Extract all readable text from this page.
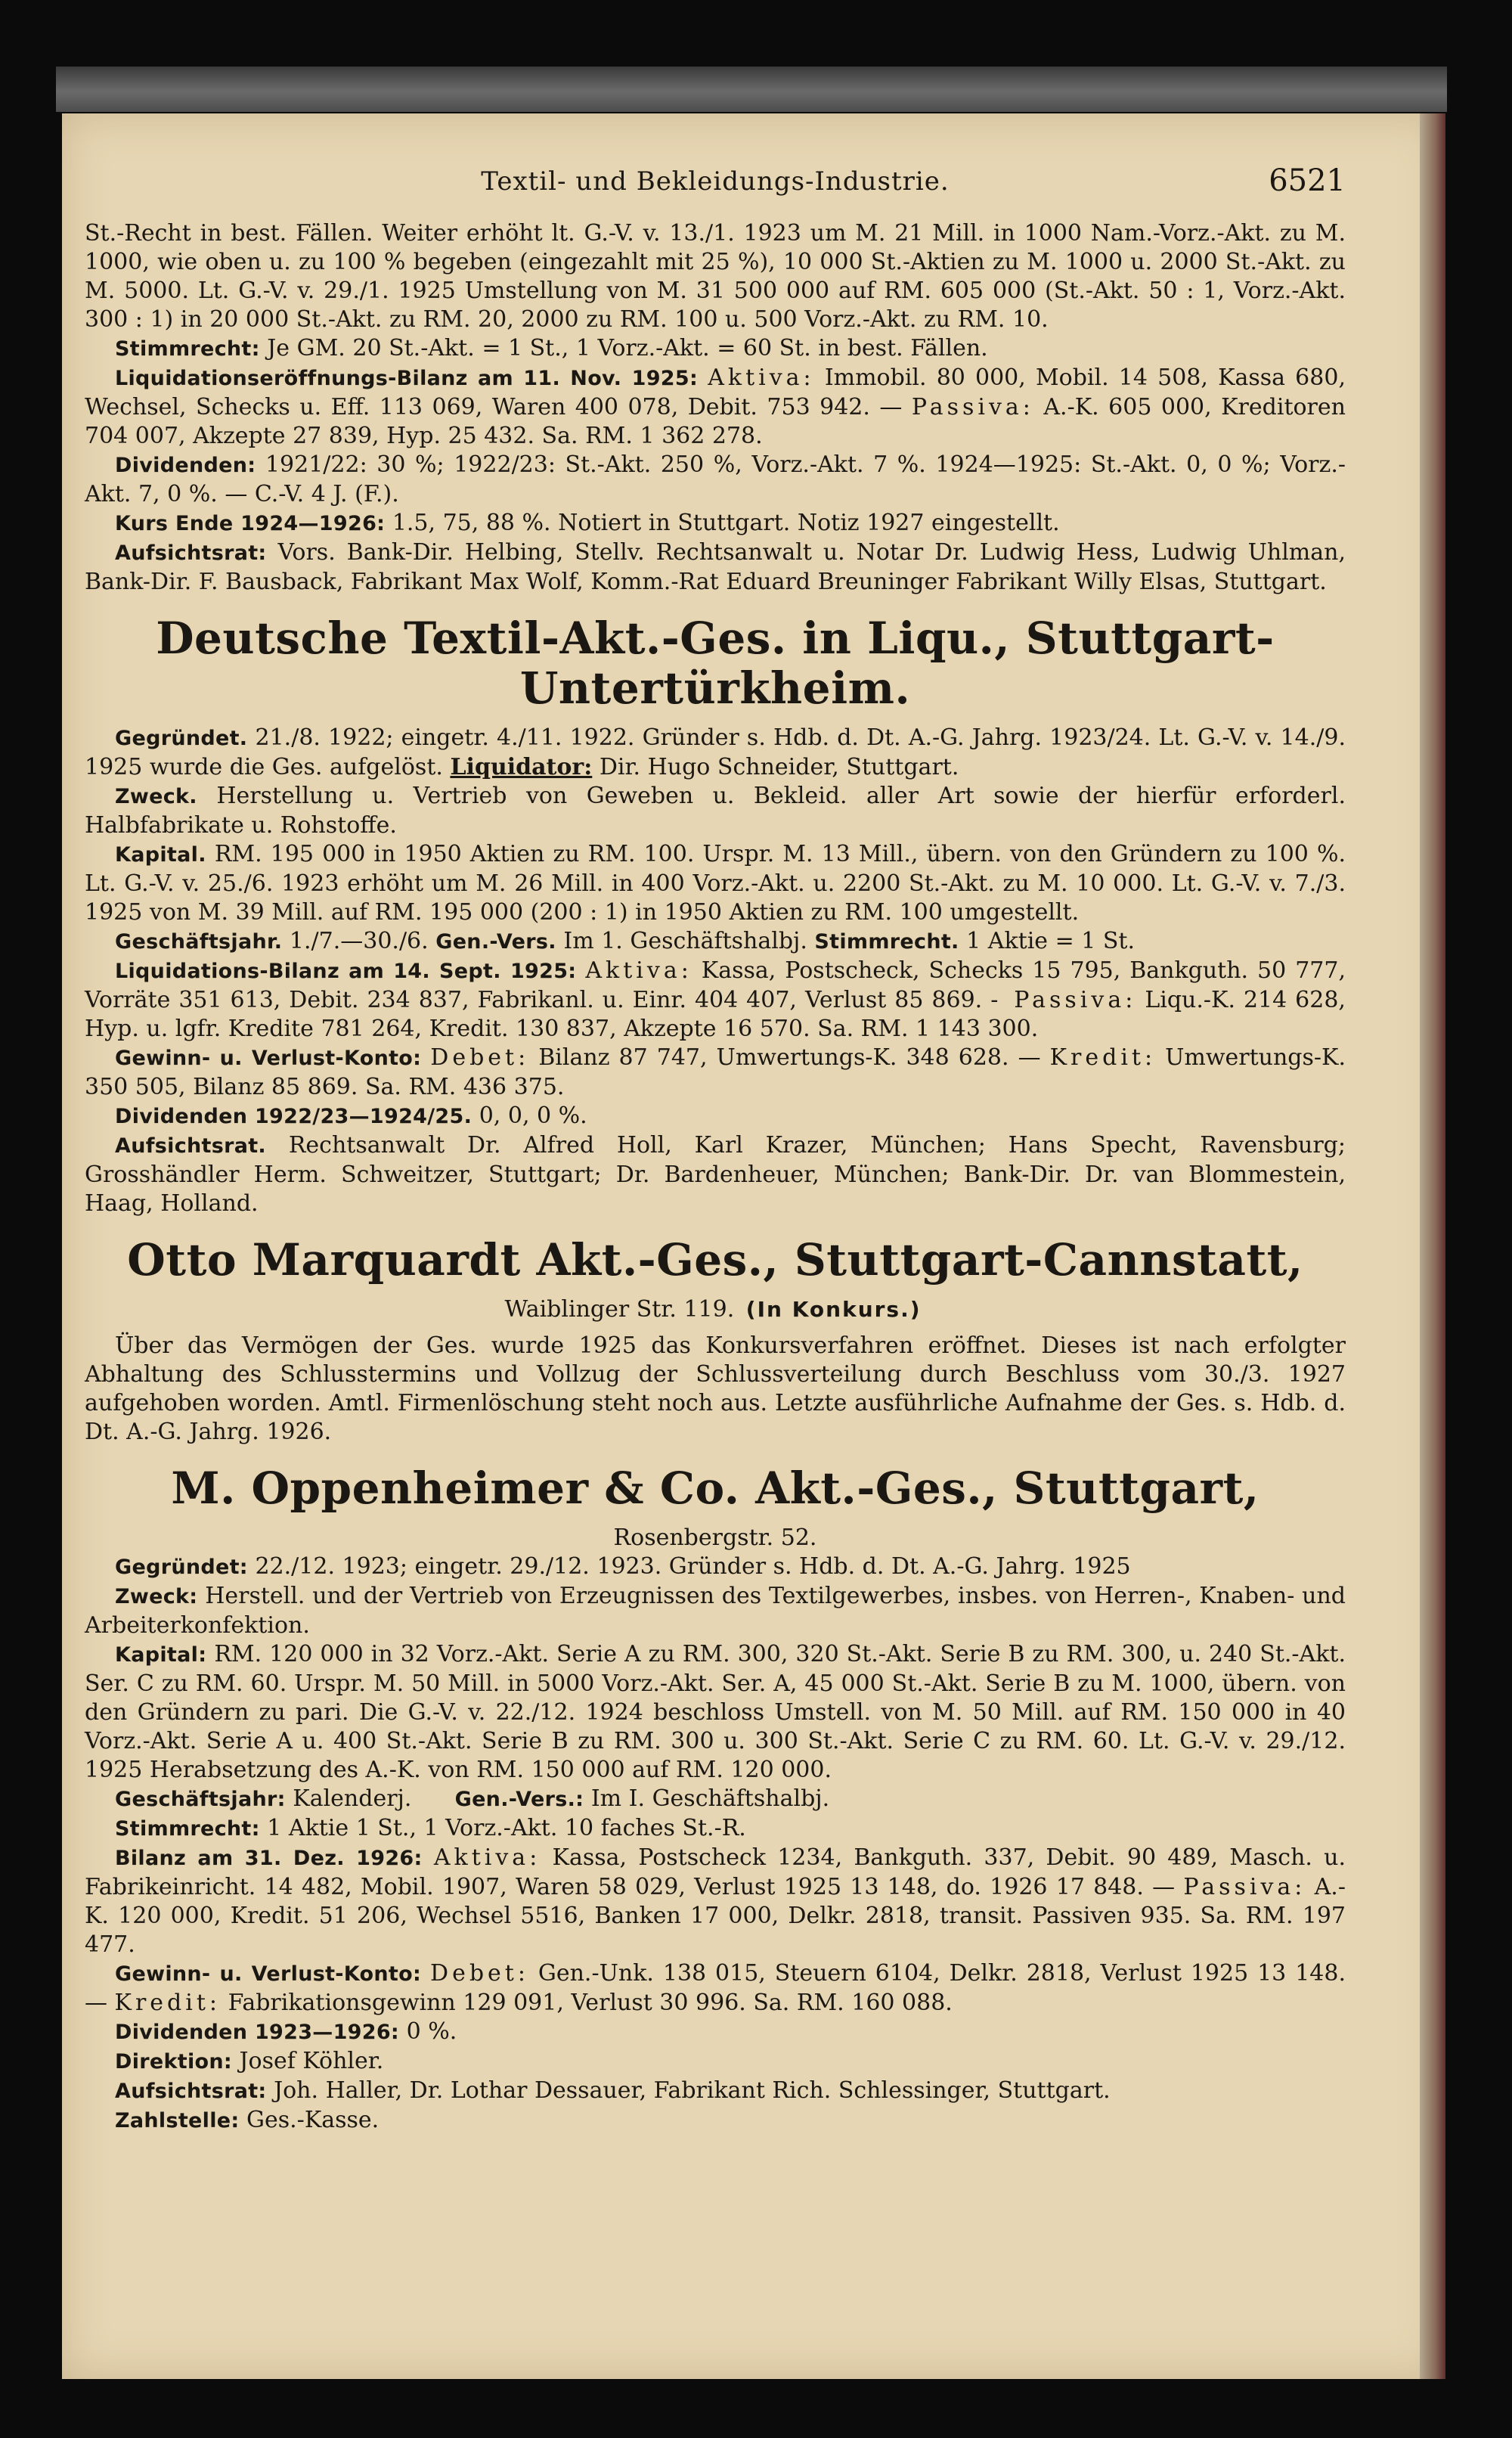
Textil- und Bekleidungs-Industrie.	6521

St.-Recht in best. Fällen. Weiter erhöht lt. G.-V. v. 13./1. 1923 um M. 21 Mill. in 1000 Nam.-Vorz.-Akt. zu M. 1000, wie oben u. zu 100 % begeben (eingezahlt mit 25 %), 10 000 St.-Aktien zu M. 1000 u. 2000 St.-Akt. zu M. 5000. Lt. G.-V. v. 29./1. 1925 Umstellung von M. 31 500 000 auf RM. 605 000 (St.-Akt. 50 : 1, Vorz.-Akt. 300 : 1) in 20 000 St.-Akt. zu RM. 20, 2000 zu RM. 100 u. 500 Vorz.-Akt. zu RM. 10.

Stimmrecht: Je GM. 20 St.-Akt. = 1 St., 1 Vorz.-Akt. = 60 St. in best. Fällen.

Liquidationseröffnungs-Bilanz am 11. Nov. 1925: Aktiva: Immobil. 80 000, Mobil. 14 508, Kassa 680, Wechsel, Schecks u. Eff. 113 069, Waren 400 078, Debit. 753 942. — Passiva: A.-K. 605 000, Kreditoren 704 007, Akzepte 27 839, Hyp. 25 432. Sa. RM. 1 362 278.

Dividenden: 1921/22: 30 %; 1922/23: St.-Akt. 250 %, Vorz.-Akt. 7 %. 1924—1925: St.-Akt. 0, 0 %; Vorz.-Akt. 7, 0 %. — C.-V. 4 J. (F.).

Kurs Ende 1924—1926: 1.5, 75, 88 %. Notiert in Stuttgart. Notiz 1927 eingestellt.

Aufsichtsrat: Vors. Bank-Dir. Helbing, Stellv. Rechtsanwalt u. Notar Dr. Ludwig Hess, Ludwig Uhlman, Bank-Dir. F. Bausback, Fabrikant Max Wolf, Komm.-Rat Eduard Breuninger Fabrikant Willy Elsas, Stuttgart.

Deutsche Textil-Akt.-Ges. in Liqu., Stuttgart-Untertürkheim.

Gegründet. 21./8. 1922; eingetr. 4./11. 1922. Gründer s. Hdb. d. Dt. A.-G. Jahrg. 1923/24. Lt. G.-V. v. 14./9. 1925 wurde die Ges. aufgelöst. Liquidator: Dir. Hugo Schneider, Stuttgart.

Zweck. Herstellung u. Vertrieb von Geweben u. Bekleid. aller Art sowie der hierfür erforderl. Halbfabrikate u. Rohstoffe.

Kapital. RM. 195 000 in 1950 Aktien zu RM. 100. Urspr. M. 13 Mill., übern. von den Gründern zu 100 %. Lt. G.-V. v. 25./6. 1923 erhöht um M. 26 Mill. in 400 Vorz.-Akt. u. 2200 St.-Akt. zu M. 10 000. Lt. G.-V. v. 7./3. 1925 von M. 39 Mill. auf RM. 195 000 (200 : 1) in 1950 Aktien zu RM. 100 umgestellt.

Geschäftsjahr. 1./7.—30./6. Gen.-Vers. Im 1. Geschäftshalbj. Stimmrecht. 1 Aktie = 1 St.

Liquidations-Bilanz am 14. Sept. 1925: Aktiva: Kassa, Postscheck, Schecks 15 795, Bankguth. 50 777, Vorräte 351 613, Debit. 234 837, Fabrikanl. u. Einr. 404 407, Verlust 85 869. - Passiva: Liqu.-K. 214 628, Hyp. u. lgfr. Kredite 781 264, Kredit. 130 837, Akzepte 16 570. Sa. RM. 1 143 300.

Gewinn- u. Verlust-Konto: Debet: Bilanz 87 747, Umwertungs-K. 348 628. — Kredit: Umwertungs-K. 350 505, Bilanz 85 869. Sa. RM. 436 375.

Dividenden 1922/23—1924/25. 0, 0, 0 %.

Aufsichtsrat. Rechtsanwalt Dr. Alfred Holl, Karl Krazer, München; Hans Specht, Ravensburg; Grosshändler Herm. Schweitzer, Stuttgart; Dr. Bardenheuer, München; Bank-Dir. Dr. van Blommestein, Haag, Holland.

Otto Marquardt Akt.-Ges., Stuttgart-Cannstatt,

Waiblinger Str. 119. (In Konkurs.)

Über das Vermögen der Ges. wurde 1925 das Konkursverfahren eröffnet. Dieses ist nach erfolgter Abhaltung des Schlusstermins und Vollzug der Schlussverteilung durch Beschluss vom 30./3. 1927 aufgehoben worden. Amtl. Firmenlöschung steht noch aus. Letzte ausführliche Aufnahme der Ges. s. Hdb. d. Dt. A.-G. Jahrg. 1926.

M. Oppenheimer & Co. Akt.-Ges., Stuttgart,

Rosenbergstr. 52.

Gegründet: 22./12. 1923; eingetr. 29./12. 1923. Gründer s. Hdb. d. Dt. A.-G. Jahrg. 1925

Zweck: Herstell. und der Vertrieb von Erzeugnissen des Textilgewerbes, insbes. von Herren-, Knaben- und Arbeiterkonfektion.

Kapital: RM. 120 000 in 32 Vorz.-Akt. Serie A zu RM. 300, 320 St.-Akt. Serie B zu RM. 300, u. 240 St.-Akt. Ser. C zu RM. 60. Urspr. M. 50 Mill. in 5000 Vorz.-Akt. Ser. A, 45 000 St.-Akt. Serie B zu M. 1000, übern. von den Gründern zu pari. Die G.-V. v. 22./12. 1924 beschloss Umstell. von M. 50 Mill. auf RM. 150 000 in 40 Vorz.-Akt. Serie A u. 400 St.-Akt. Serie B zu RM. 300 u. 300 St.-Akt. Serie C zu RM. 60. Lt. G.-V. v. 29./12. 1925 Herabsetzung des A.-K. von RM. 150 000 auf RM. 120 000.

Geschäftsjahr: Kalenderj. Gen.-Vers.: Im I. Geschäftshalbj.

Stimmrecht: 1 Aktie 1 St., 1 Vorz.-Akt. 10 faches St.-R.

Bilanz am 31. Dez. 1926: Aktiva: Kassa, Postscheck 1234, Bankguth. 337, Debit. 90 489, Masch. u. Fabrikeinricht. 14 482, Mobil. 1907, Waren 58 029, Verlust 1925 13 148, do. 1926 17 848. — Passiva: A.-K. 120 000, Kredit. 51 206, Wechsel 5516, Banken 17 000, Delkr. 2818, transit. Passiven 935. Sa. RM. 197 477.

Gewinn- u. Verlust-Konto: Debet: Gen.-Unk. 138 015, Steuern 6104, Delkr. 2818, Verlust 1925 13 148. — Kredit: Fabrikationsgewinn 129 091, Verlust 30 996. Sa. RM. 160 088.

Dividenden 1923—1926: 0 %.

Direktion: Josef Köhler.

Aufsichtsrat: Joh. Haller, Dr. Lothar Dessauer, Fabrikant Rich. Schlessinger, Stuttgart.

Zahlstelle: Ges.-Kasse.
